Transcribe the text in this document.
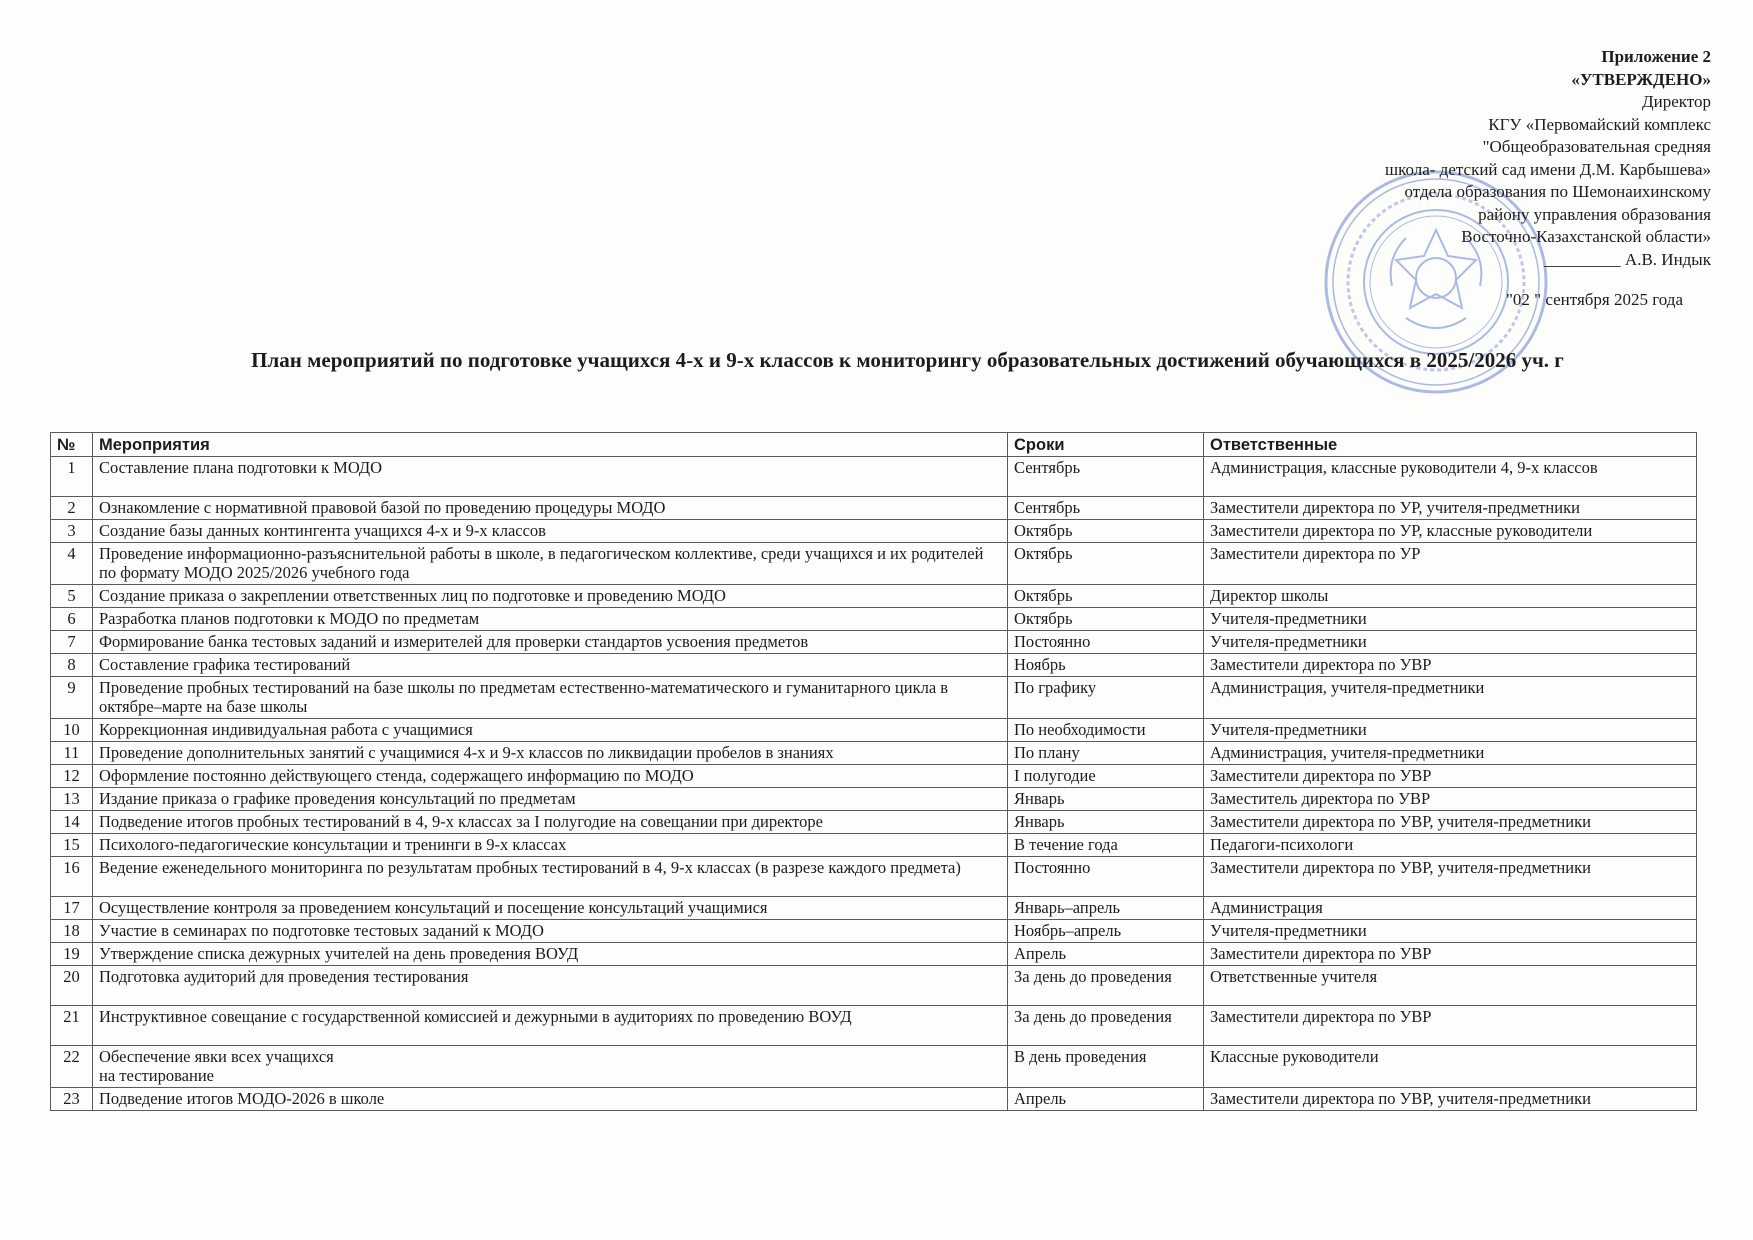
Приложение 2
«УТВЕРЖДЕНО»
Директор
КГУ «Первомайский комплекс
"Общеобразовательная средняя
школа- детский сад имени Д.М. Карбышева»
отдела образования по Шемонаихинскому
району управления образования
Восточно-Казахстанской области»
_________ А.В. Индык
"02 " сентября 2025 года
План мероприятий по подготовке учащихся 4-х и 9-х классов к мониторингу образовательных достижений обучающихся в 2025/2026 уч. г
№	Мероприятия	Сроки	Ответственные
1	Составление плана подготовки к МОДО	Сентябрь	Администрация, классные руководители 4, 9-х классов
2	Ознакомление с нормативной правовой базой по проведению процедуры МОДО	Сентябрь	Заместители директора по УР, учителя-предметники
3	Создание базы данных контингента учащихся 4-х и 9-х классов	Октябрь	Заместители директора по УР, классные руководители
4	Проведение информационно-разъяснительной работы в школе, в педагогическом коллективе, среди учащихся и их родителей по формату МОДО 2025/2026 учебного года	Октябрь	Заместители директора по УР
5	Создание приказа о закреплении ответственных лиц по подготовке и проведению МОДО	Октябрь	Директор школы
6	Разработка планов подготовки к МОДО по предметам	Октябрь	Учителя-предметники
7	Формирование банка тестовых заданий и измерителей для проверки стандартов усвоения предметов	Постоянно	Учителя-предметники
8	Составление графика тестирований	Ноябрь	Заместители директора по УВР
9	Проведение пробных тестирований на базе школы по предметам естественно-математического и гуманитарного цикла в октябре–марте на базе школы	По графику	Администрация, учителя-предметники
10	Коррекционная индивидуальная работа с учащимися	По необходимости	Учителя-предметники
11	Проведение дополнительных занятий с учащимися 4-х и 9-х классов по ликвидации пробелов в знаниях	По плану	Администрация, учителя-предметники
12	Оформление постоянно действующего стенда, содержащего информацию по МОДО	I полугодие	Заместители директора по УВР
13	Издание приказа о графике проведения консультаций по предметам	Январь	Заместитель директора по УВР
14	Подведение итогов пробных тестирований в 4, 9-х классах за I полугодие на совещании при директоре	Январь	Заместители директора по УВР, учителя-предметники
15	Психолого-педагогические консультации и тренинги в 9-х классах	В течение года	Педагоги-психологи
16	Ведение еженедельного мониторинга по результатам пробных тестирований в 4, 9-х классах (в разрезе каждого предмета)	Постоянно	Заместители директора по УВР, учителя-предметники
17	Осуществление контроля за проведением консультаций и посещение консультаций учащимися	Январь–апрель	Администрация
18	Участие в семинарах по подготовке тестовых заданий к МОДО	Ноябрь–апрель	Учителя-предметники
19	Утверждение списка дежурных учителей на день проведения ВОУД	Апрель	Заместители директора по УВР
20	Подготовка аудиторий для проведения тестирования	За день до проведения	Ответственные учителя
21	Инструктивное совещание с государственной комиссией и дежурными в аудиториях по проведению ВОУД	За день до проведения	Заместители директора по УВР
22	Обеспечение явки всех учащихся
на тестирование	В день проведения	Классные руководители
23	Подведение итогов МОДО-2026 в школе	Апрель	Заместители директора по УВР, учителя-предметники
